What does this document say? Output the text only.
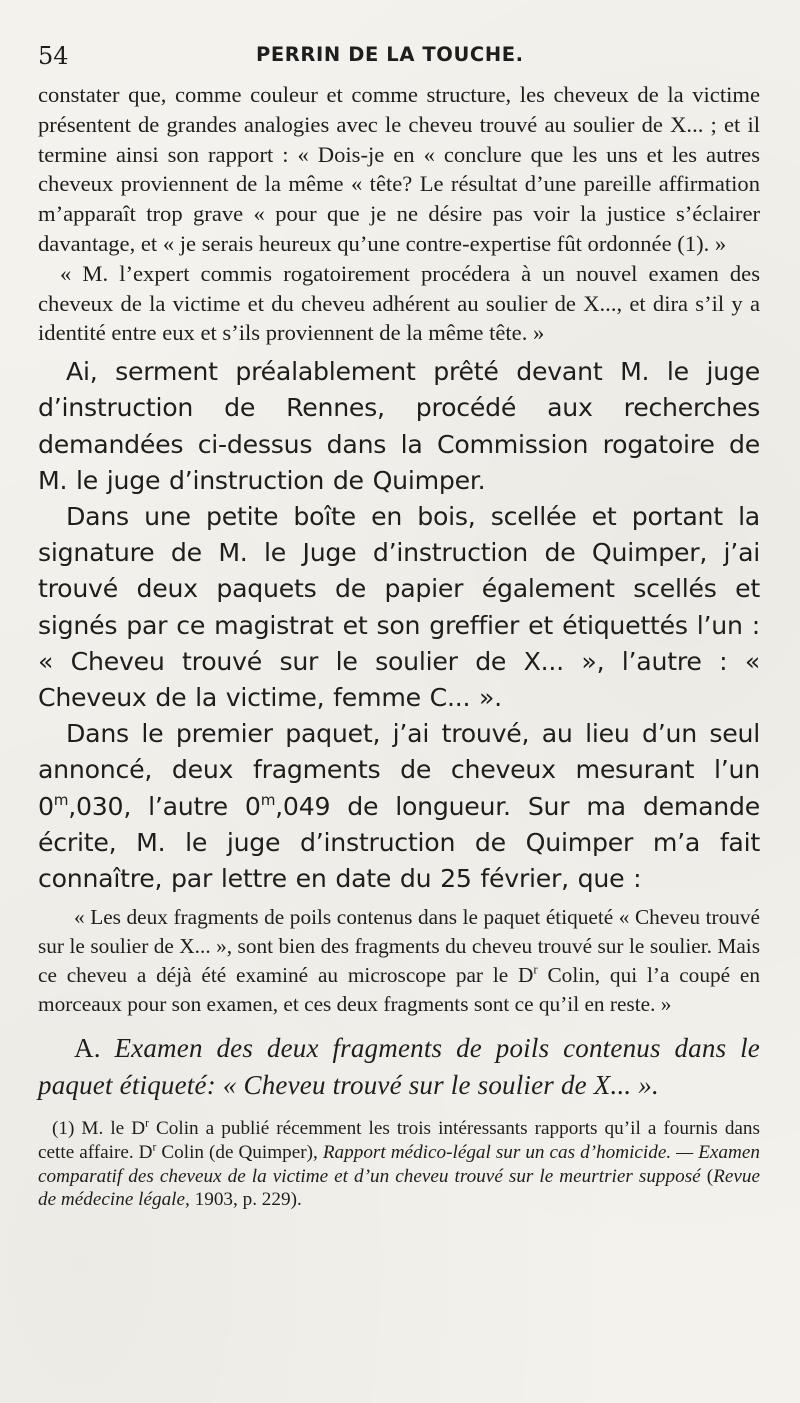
54	PERRIN DE LA TOUCHE.

constater que, comme couleur et comme structure, les cheveux de la victime présentent de grandes analogies avec le cheveu trouvé au soulier de X... ; et il termine ainsi son rapport : « Dois-je en « conclure que les uns et les autres cheveux proviennent de la même « tête? Le résultat d’une pareille affirmation m’apparaît trop grave « pour que je ne désire pas voir la justice s’éclairer davantage, et « je serais heureux qu’une contre-expertise fût ordonnée (1). »

« M. l’expert commis rogatoirement procédera à un nouvel examen des cheveux de la victime et du cheveu adhérent au soulier de X..., et dira s’il y a identité entre eux et s’ils proviennent de la même tête. »

Ai, serment préalablement prêté devant M. le juge d’instruction de Rennes, procédé aux recherches demandées ci-dessus dans la Commission rogatoire de M. le juge d’instruction de Quimper.

Dans une petite boîte en bois, scellée et portant la signature de M. le Juge d’instruction de Quimper, j’ai trouvé deux paquets de papier également scellés et signés par ce magistrat et son greffier et étiquettés l’un : « Cheveu trouvé sur le soulier de X... », l’autre : « Cheveux de la victime, femme C... ».

Dans le premier paquet, j’ai trouvé, au lieu d’un seul annoncé, deux fragments de cheveux mesurant l’un 0$^m$,030, l’autre 0$^m$,049 de longueur. Sur ma demande écrite, M. le juge d’instruction de Quimper m’a fait connaître, par lettre en date du 25 février, que :

« Les deux fragments de poils contenus dans le paquet étiqueté « Cheveu trouvé sur le soulier de X... », sont bien des fragments du cheveu trouvé sur le soulier. Mais ce cheveu a déjà été examiné au microscope par le $D^r$ Colin, qui l’a coupé en morceaux pour son examen, et ces deux fragments sont ce qu’il en reste. »

A. Examen des deux fragments de poils contenus dans le paquet étiqueté: « Cheveu trouvé sur le soulier de X... ».
(1) M. le $D^r$ Colin a publié récemment les trois intéressants rapports qu’il a fournis dans cette affaire. $D^r$ Colin (de Quimper), Rapport médico-légal sur un cas d’homicide. — Examen comparatif des cheveux de la victime et d’un cheveu trouvé sur le meurtrier supposé (Revue de médecine légale, 1903, p. 229).
